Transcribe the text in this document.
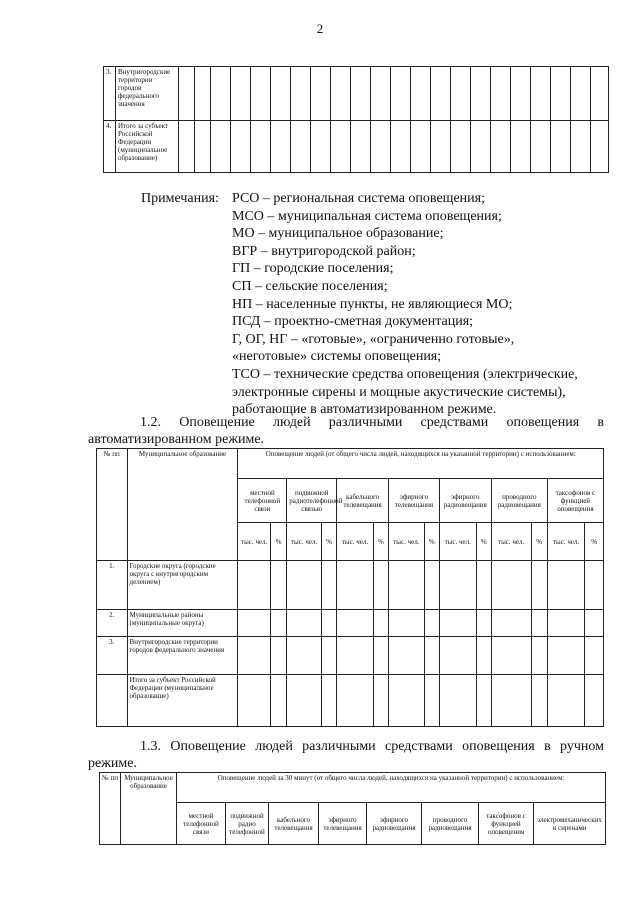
2
3.	Внутригородские территории городов федерального значения																						
4.	Итого за субъект Российской Федерации (муниципальное образование)																						
Примечания: РСО – региональная система оповещения;
МСО – муниципальная система оповещения;
МО – муниципальное образование;
ВГР – внутригородской район;
ГП – городские поселения;
СП – сельские поселения;
НП – населенные пункты, не являющиеся МО;
ПСД – проектно-сметная документация;
Г, ОГ, НГ – «готовые», «ограниченно готовые»,
«неготовые» системы оповещения;
ТСО – технические средства оповещения (электрические,
электронные сирены и мощные акустические системы),
работающие в автоматизированном режиме.
1.2. Оповещение людей различными средствами оповещения в автоматизированном режиме.
№ пп	Муниципальное образование	Оповещение людей (от общего числа людей, находящихся на указанной территории) с использованием:													
		местной телефонной связи		подвижной радиотелефонной связью		кабельного телевещания		эфирного телевещания		эфирного радиовещания		проводного радиовещания		таксофонов с функцией оповещения	
		тыс. чел.	%	тыс. чел.	%	тыс. чел.	%	тыс. чел.	%	тыс. чел.	%	тыс. чел.	%	тыс. чел.	%
1.	Городские округа (городские округа с внутригородским делением)														
2.	Муниципальные районы (муниципальные округа)														
3.	Внутригородские территории городов федерального значения														
	Итого за субъект Российской Федерации (муниципальное образование)														
1.3. Оповещение людей различными средствами оповещения в ручном режиме.
№ пп	Муниципальное образование	Оповещение людей за 30 минут (от общего числа людей, находящихся на указанной территории) с использованием:							
		местной телефонной связи	подвижной радио телефонной	кабельного телевещания	эфирного телевещания	эфирного радиовещания	проводного радиовещания	таксофонов с функцией оповещения	электромеханических и сиренами
